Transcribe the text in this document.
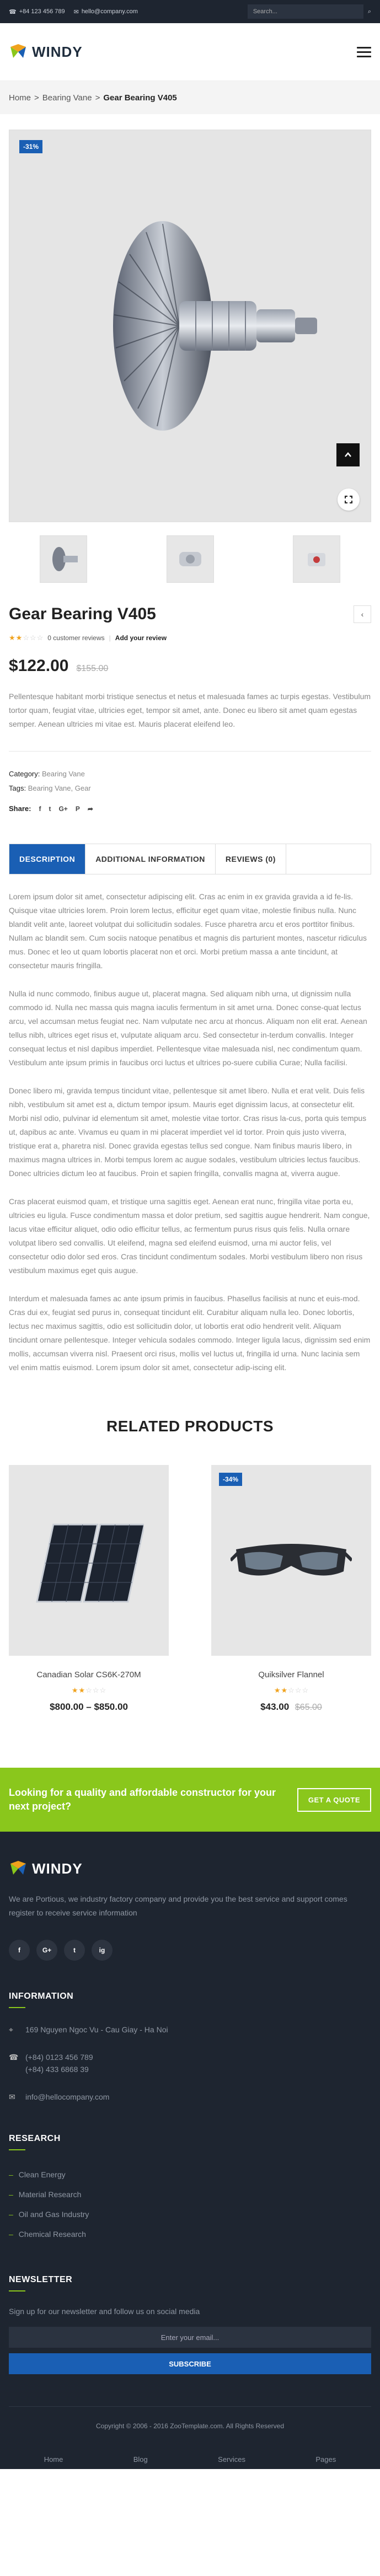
☎ +84 123 456 789 ✉ hello@company.com	Search...	⌕
WINDY
Home > Bearing Vane > Gear Bearing V405
-31%
Gear Bearing V405	‹
★ ★ ☆ ☆ ☆ 0 customer reviews | Add your review
$122.00 $155.00

Pellentesque habitant morbi tristique senectus et netus et malesuada fames ac turpis egestas. Vestibulum tortor quam, feugiat vitae, ultricies eget, tempor sit amet, ante. Donec eu libero sit amet quam egestas semper. Aenean ultricies mi vitae est. Mauris placerat eleifend leo.

Category: Bearing Vane
Tags: Bearing Vane, Gear
Share: f t G+ P ➦
DESCRIPTION	ADDITIONAL INFORMATION	REVIEWS (0)

Lorem ipsum dolor sit amet, consectetur adipiscing elit. Cras ac enim in ex gravida gravida a id fe-lis. Quisque vitae ultricies lorem. Proin lorem lectus, efficitur eget quam vitae, molestie finibus nulla. Nunc blandit velit ante, laoreet volutpat dui sollicitudin sodales. Fusce pharetra arcu et eros porttitor finibus. Nullam ac blandit sem. Cum sociis natoque penatibus et magnis dis parturient montes, nascetur ridiculus mus. Donec et leo ut quam lobortis placerat non et orci. Morbi pretium massa a ante tincidunt, at consectetur mauris fringilla.

Nulla id nunc commodo, finibus augue ut, placerat magna. Sed aliquam nibh urna, ut dignissim nulla commodo id. Nulla nec massa quis magna iaculis fermentum in sit amet urna. Donec conse-quat lectus arcu, vel accumsan metus feugiat nec. Nam vulputate nec arcu at rhoncus. Aliquam non elit erat. Aenean tellus nibh, ultrices eget risus et, vulputate aliquam arcu. Sed consectetur in-terdum convallis. Integer consequat lectus et nisl dapibus imperdiet. Pellentesque vitae malesuada nisl, nec condimentum quam. Vestibulum ante ipsum primis in faucibus orci luctus et ultrices po-suere cubilia Curae; Nulla facilisi.

Donec libero mi, gravida tempus tincidunt vitae, pellentesque sit amet libero. Nulla et erat velit. Duis felis nibh, vestibulum sit amet est a, dictum tempor ipsum. Mauris eget dignissim lacus, at consectetur elit. Morbi nisl odio, pulvinar id elementum sit amet, molestie vitae tortor. Cras risus la-cus, porta quis tempus ut, dapibus ac ante. Vivamus eu quam in mi placerat imperdiet vel id tortor. Proin quis justo viverra, tristique erat a, pharetra nisl. Donec gravida egestas tellus sed congue. Nam finibus mauris libero, in maximus magna ultrices in. Morbi tempus lorem ac augue sodales, vestibulum ultricies lectus faucibus. Donec ultricies dictum leo at faucibus. Proin et sapien fringilla, convallis magna at, viverra augue.

Cras placerat euismod quam, et tristique urna sagittis eget. Aenean erat nunc, fringilla vitae porta eu, ultricies eu ligula. Fusce condimentum massa et dolor pretium, sed sagittis augue hendrerit. Nam congue, lacus vitae efficitur aliquet, odio odio efficitur tellus, ac fermentum purus risus quis felis. Nulla ornare volutpat libero sed convallis. Ut eleifend, magna sed eleifend euismod, urna mi auctor felis, vel consectetur odio dolor sed eros. Cras tincidunt condimentum sodales. Morbi vestibulum libero non risus vestibulum maximus eget quis augue.

Interdum et malesuada fames ac ante ipsum primis in faucibus. Phasellus facilisis at nunc et euis-mod. Cras dui ex, feugiat sed purus in, consequat tincidunt elit. Curabitur aliquam nulla leo. Donec lobortis, lectus nec maximus sagittis, odio est sollicitudin dolor, ut lobortis erat odio hendrerit velit. Aliquam tincidunt ornare pellentesque. Integer vehicula sodales commodo. Integer ligula lacus, dignissim sed enim mollis, accumsan viverra nisl. Praesent orci risus, mollis vel luctus ut, fringilla id urna. Nunc lacinia sem vel enim mattis euismod. Lorem ipsum dolor sit amet, consectetur adip-iscing elit.

RELATED PRODUCTS
Canadian Solar CS6K-270M
★ ★ ☆ ☆ ☆
$800.00 – $850.00
-34%
Quiksilver Flannel
★ ★ ☆ ☆ ☆
$43.00 $65.00
Looking for a quality and affordable constructor for your next project?
GET A QUOTE
WINDY

We are Portious, we industry factory company and provide you the best service and support comes register to receive service information

f	G+	t	ig
INFORMATION
⌖	169 Nguyen Ngoc Vu - Cau Giay - Ha Noi
☎ (+84) 0123 456 789
(+84) 433 6868 39
✉	info@hellocompany.com
RESEARCH
– Clean Energy
– Material Research
– Oil and Gas Industry
– Chemical Research
NEWSLETTER

Sign up for our newsletter and follow us on social media

Enter your email...
SUBSCRIBE
Copyright © 2006 - 2016 ZooTemplate.com. All Rights Reserved
Home	Blog	Services	Pages
